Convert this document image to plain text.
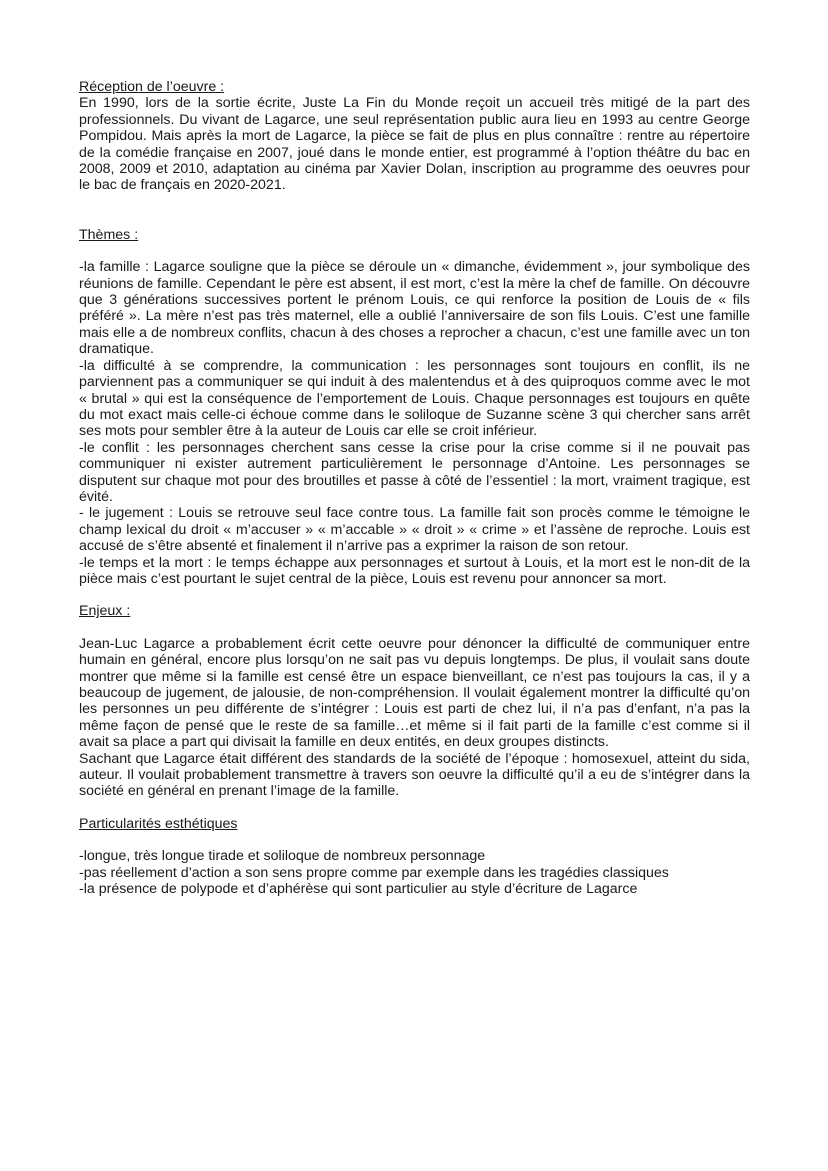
Réception de l’oeuvre :

En 1990, lors de la sortie écrite, Juste La Fin du Monde reçoit un accueil très mitigé de la part des professionnels. Du vivant de Lagarce, une seul représentation public aura lieu en 1993 au centre George Pompidou. Mais après la mort de Lagarce, la pièce se fait de plus en plus connaître : rentre au répertoire de la comédie française en 2007, joué dans le monde entier, est programmé à l’option théâtre du bac en 2008, 2009 et 2010, adaptation au cinéma par Xavier Dolan, inscription au programme des oeuvres pour le bac de français en 2020-2021.

Thèmes :

-la famille : Lagarce souligne que la pièce se déroule un « dimanche, évidemment », jour symbolique des réunions de famille. Cependant le père est absent, il est mort, c’est la mère la chef de famille. On découvre que 3 générations successives portent le prénom Louis, ce qui renforce la position de Louis de « fils préféré ». La mère n’est pas très maternel, elle a oublié l’anniversaire de son fils Louis. C’est une famille mais elle a de nombreux conflits, chacun à des choses a reprocher a chacun, c’est une famille avec un ton dramatique.

-la difficulté à se comprendre, la communication : les personnages sont toujours en conflit, ils ne parviennent pas a communiquer se qui induit à des malentendus et à des quiproquos comme avec le mot « brutal » qui est la conséquence de l’emportement de Louis. Chaque personnages est toujours en quête du mot exact mais celle-ci échoue comme dans le soliloque de Suzanne scène 3 qui chercher sans arrêt ses mots pour sembler être à la auteur de Louis car elle se croit inférieur.

-le conflit : les personnages cherchent sans cesse la crise pour la crise comme si il ne pouvait pas communiquer ni exister autrement particulièrement le personnage d’Antoine. Les personnages se disputent sur chaque mot pour des broutilles et passe à côté de l’essentiel : la mort, vraiment tragique, est évité.

- le jugement : Louis se retrouve seul face contre tous. La famille fait son procès comme le témoigne le champ lexical du droit « m’accuser » « m’accable » « droit » « crime » et l’assène de reproche. Louis est accusé de s’être absenté et finalement il n’arrive pas a exprimer la raison de son retour.

-le temps et la mort : le temps échappe aux personnages et surtout à Louis, et la mort est le non-dit de la pièce mais c’est pourtant le sujet central de la pièce, Louis est revenu pour annoncer sa mort.

Enjeux :

Jean-Luc Lagarce a probablement écrit cette oeuvre pour dénoncer la difficulté de communiquer entre humain en général, encore plus lorsqu’on ne sait pas vu depuis longtemps. De plus, il voulait sans doute montrer que même si la famille est censé être un espace bienveillant, ce n’est pas toujours la cas, il y a beaucoup de jugement, de jalousie, de non-compréhension. Il voulait également montrer la difficulté qu’on les personnes un peu différente de s’intégrer : Louis est parti de chez lui, il n’a pas d’enfant, n’a pas la même façon de pensé que le reste de sa famille…et même si il fait parti de la famille c’est comme si il avait sa place a part qui divisait la famille en deux entités, en deux groupes distincts.

Sachant que Lagarce était différent des standards de la société de l’époque : homosexuel, atteint du sida, auteur. Il voulait probablement transmettre à travers son oeuvre la difficulté qu’il a eu de s’intégrer dans la société en général en prenant l’image de la famille.

Particularités esthétiques

-longue, très longue tirade et soliloque de nombreux personnage

-pas réellement d’action a son sens propre comme par exemple dans les tragédies classiques

-la présence de polypode et d’aphérèse qui sont particulier au style d’écriture de Lagarce
